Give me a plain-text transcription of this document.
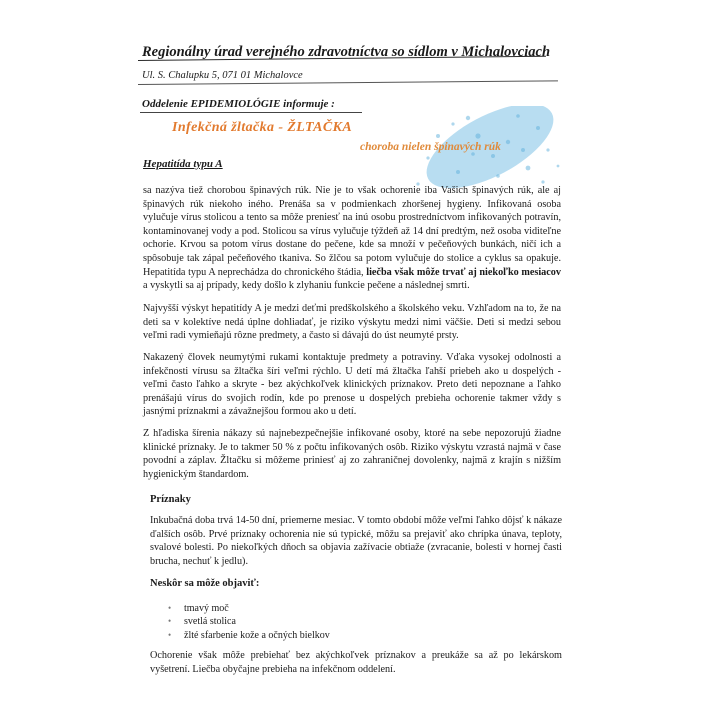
Regionálny úrad verejného zdravotníctva so sídlom v Michalovciach
Ul. S. Chalupku 5, 071 01 Michalovce
Oddelenie EPIDEMIOLÓGIE informuje :
Infekčná žltačka - ŽLTAČKA
choroba nielen špinavých rúk
Hepatitída typu A

sa nazýva tiež chorobou špinavých rúk. Nie je to však ochorenie iba Vašich špinavých rúk, ale aj špinavých rúk niekoho iného. Prenáša sa v podmienkach zhoršenej hygieny. Infikovaná osoba vylučuje vírus stolicou a tento sa môže preniesť na inú osobu prostredníctvom infikovaných potravín, kontaminovanej vody a pod. Stolicou sa vírus vylučuje týždeň až 14 dní predtým, než osoba viditeľne ochorie. Krvou sa potom vírus dostane do pečene, kde sa množí v pečeňových bunkách, ničí ich a spôsobuje tak zápal pečeňového tkaniva. So žlčou sa potom vylučuje do stolice a cyklus sa opakuje. Hepatitída typu A neprechádza do chronického štádia, liečba však môže trvať aj niekoľko mesiacov a vyskytli sa aj prípady, kedy došlo k zlyhaniu funkcie pečene a následnej smrti.

Najvyšší výskyt hepatitídy A je medzi deťmi predškolského a školského veku. Vzhľadom na to, že na deti sa v kolektíve nedá úplne dohliadať, je riziko výskytu medzi nimi väčšie. Deti si medzi sebou veľmi radi vymieňajú rôzne predmety, a často si dávajú do úst neumyté prsty.

Nakazený človek neumytými rukami kontaktuje predmety a potraviny. Vďaka vysokej odolnosti a infekčnosti vírusu sa žltačka šíri veľmi rýchlo. U detí má žltačka ľahší priebeh ako u dospelých - veľmi často ľahko a skryte - bez akýchkoľvek klinických príznakov. Preto deti nepoznane a ľahko prenášajú vírus do svojich rodín, kde po prenose u dospelých prebieha ochorenie takmer vždy s jasnými príznakmi a závažnejšou formou ako u detí.

Z hľadiska šírenia nákazy sú najnebezpečnejšie infikované osoby, ktoré na sebe nepozorujú žiadne klinické príznaky. Je to takmer 50 % z počtu infikovaných osôb. Riziko výskytu vzrastá najmä v čase povodní a záplav. Žltačku si môžeme priniesť aj zo zahraničnej dovolenky, najmä z krajín s nižším hygienickým štandardom.

Príznaky

Inkubačná doba trvá 14-50 dní, priemerne mesiac. V tomto období môže veľmi ľahko dôjsť k nákaze ďalších osôb. Prvé príznaky ochorenia nie sú typické, môžu sa prejaviť ako chrípka únava, teploty, svalové bolesti. Po niekoľkých dňoch sa objavia zažívacie obtiaže (zvracanie, bolesti v hornej časti brucha, nechuť k jedlu).

Neskôr sa môže objaviť:

• tmavý moč
• svetlá stolica
• žlté sfarbenie kože a očných bielkov

Ochorenie však môže prebiehať bez akýchkoľvek príznakov a preukáže sa až po lekárskom vyšetrení. Liečba obyčajne prebieha na infekčnom oddelení.
